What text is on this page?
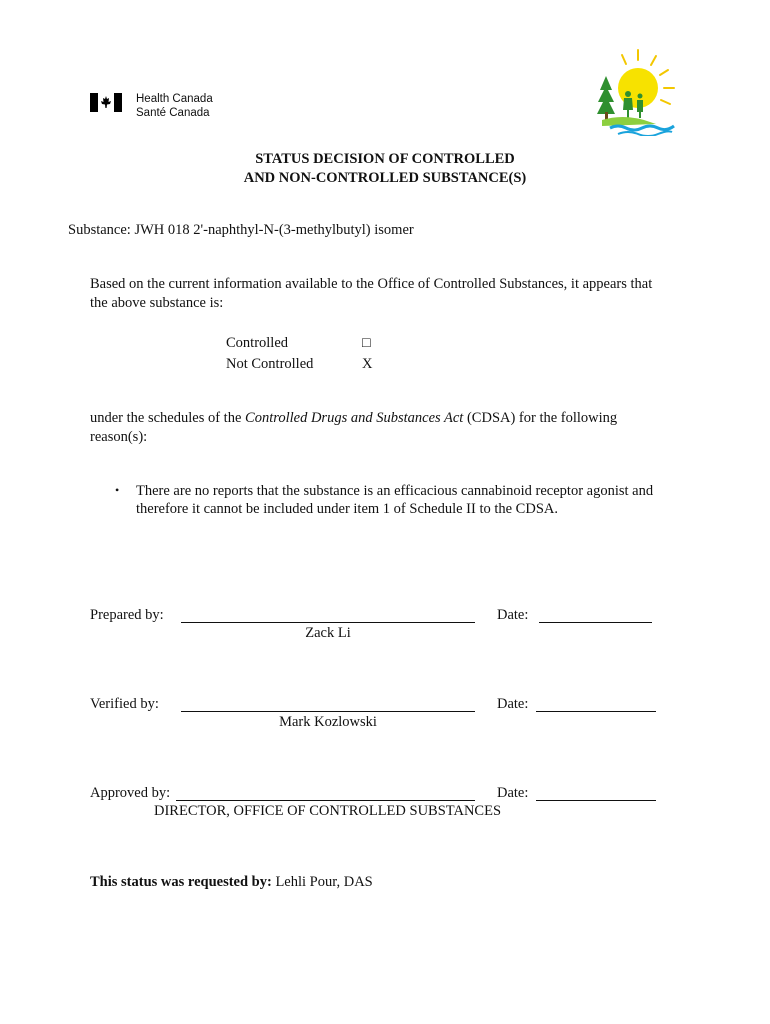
Health Canada
Santé Canada
STATUS DECISION OF CONTROLLED
AND NON-CONTROLLED SUBSTANCE(S)
Substance: JWH 018 2'-naphthyl-N-(3-methylbutyl) isomer
Based on the current information available to the Office of Controlled Substances, it appears that
the above substance is:
Controlled	□
Not Controlled	X
under the schedules of the Controlled Drugs and Substances Act (CDSA) for the following
reason(s):
• There are no reports that the substance is an efficacious cannabinoid receptor agonist and
therefore it cannot be included under item 1 of Schedule II to the CDSA.
Prepared by:	Date:
Zack Li
Verified by:	Date:
Mark Kozlowski
Approved by:	Date:
DIRECTOR, OFFICE OF CONTROLLED SUBSTANCES
This status was requested by: Lehli Pour, DAS
